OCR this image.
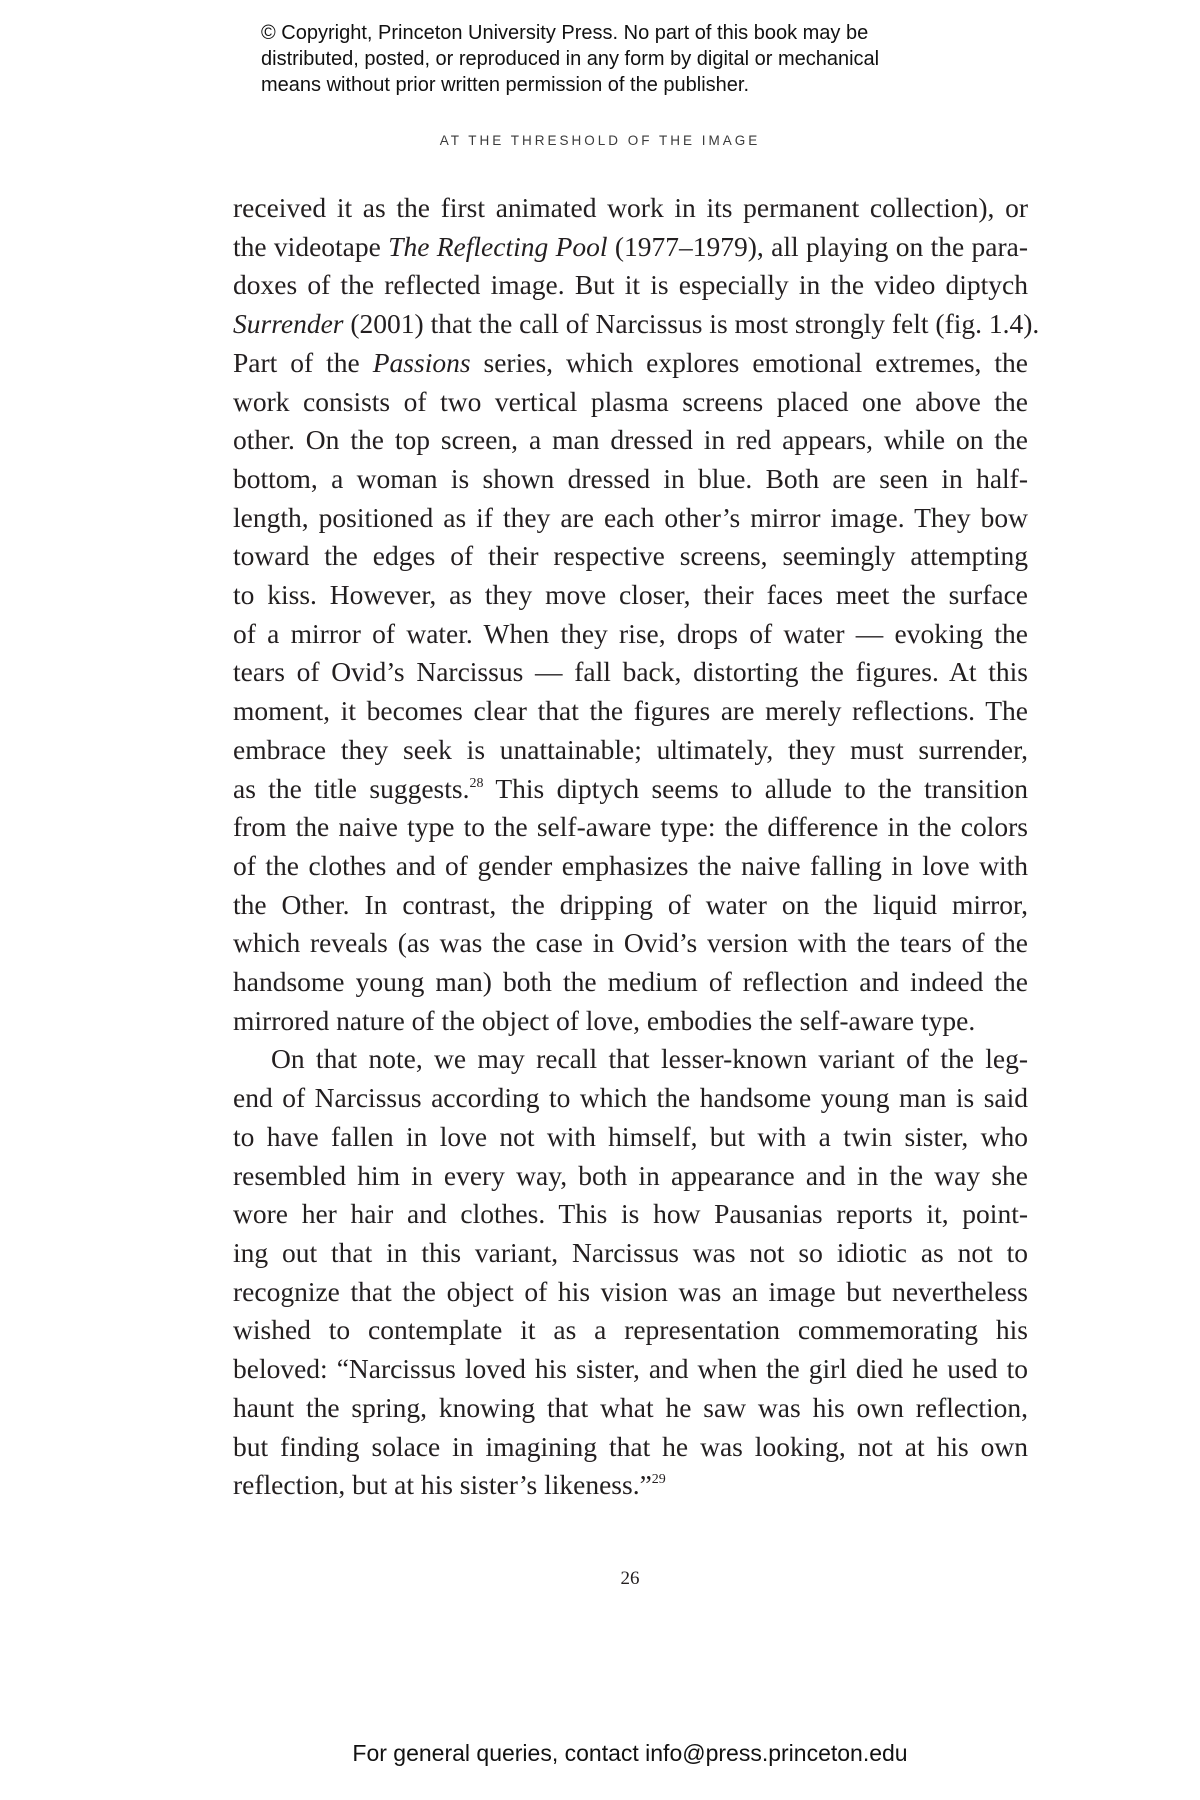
© Copyright, Princeton University Press. No part of this book may be
distributed, posted, or reproduced in any form by digital or mechanical
means without prior written permission of the publisher.
AT THE THRESHOLD OF THE IMAGE
received it as the first animated work in its permanent collection), or
the videotape The Reflecting Pool (1977–1979), all playing on the para-
doxes of the reflected image. But it is especially in the video diptych
Surrender (2001) that the call of Narcissus is most strongly felt (fig. 1.4).
Part of the Passions series, which explores emotional extremes, the
work consists of two vertical plasma screens placed one above the
other. On the top screen, a man dressed in red appears, while on the
bottom, a woman is shown dressed in blue. Both are seen in half-
length, positioned as if they are each other’s mirror image. They bow
toward the edges of their respective screens, seemingly attempting
to kiss. However, as they move closer, their faces meet the surface
of a mirror of water. When they rise, drops of water — evoking the
tears of Ovid’s Narcissus — fall back, distorting the figures. At this
moment, it becomes clear that the figures are merely reflections. The
embrace they seek is unattainable; ultimately, they must surrender,
as the title suggests.$^{28}$ This diptych seems to allude to the transition
from the naive type to the self-aware type: the difference in the colors
of the clothes and of gender emphasizes the naive falling in love with
the Other. In contrast, the dripping of water on the liquid mirror,
which reveals (as was the case in Ovid’s version with the tears of the
handsome young man) both the medium of reflection and indeed the
mirrored nature of the object of love, embodies the self-aware type.
On that note, we may recall that lesser-known variant of the leg-
end of Narcissus according to which the handsome young man is said
to have fallen in love not with himself, but with a twin sister, who
resembled him in every way, both in appearance and in the way she
wore her hair and clothes. This is how Pausanias reports it, point-
ing out that in this variant, Narcissus was not so idiotic as not to
recognize that the object of his vision was an image but nevertheless
wished to contemplate it as a representation commemorating his
beloved: “Narcissus loved his sister, and when the girl died he used to
haunt the spring, knowing that what he saw was his own reflection,
but finding solace in imagining that he was looking, not at his own
reflection, but at his sister’s likeness.”$^{29}$
26
For general queries, contact info@press.princeton.edu
